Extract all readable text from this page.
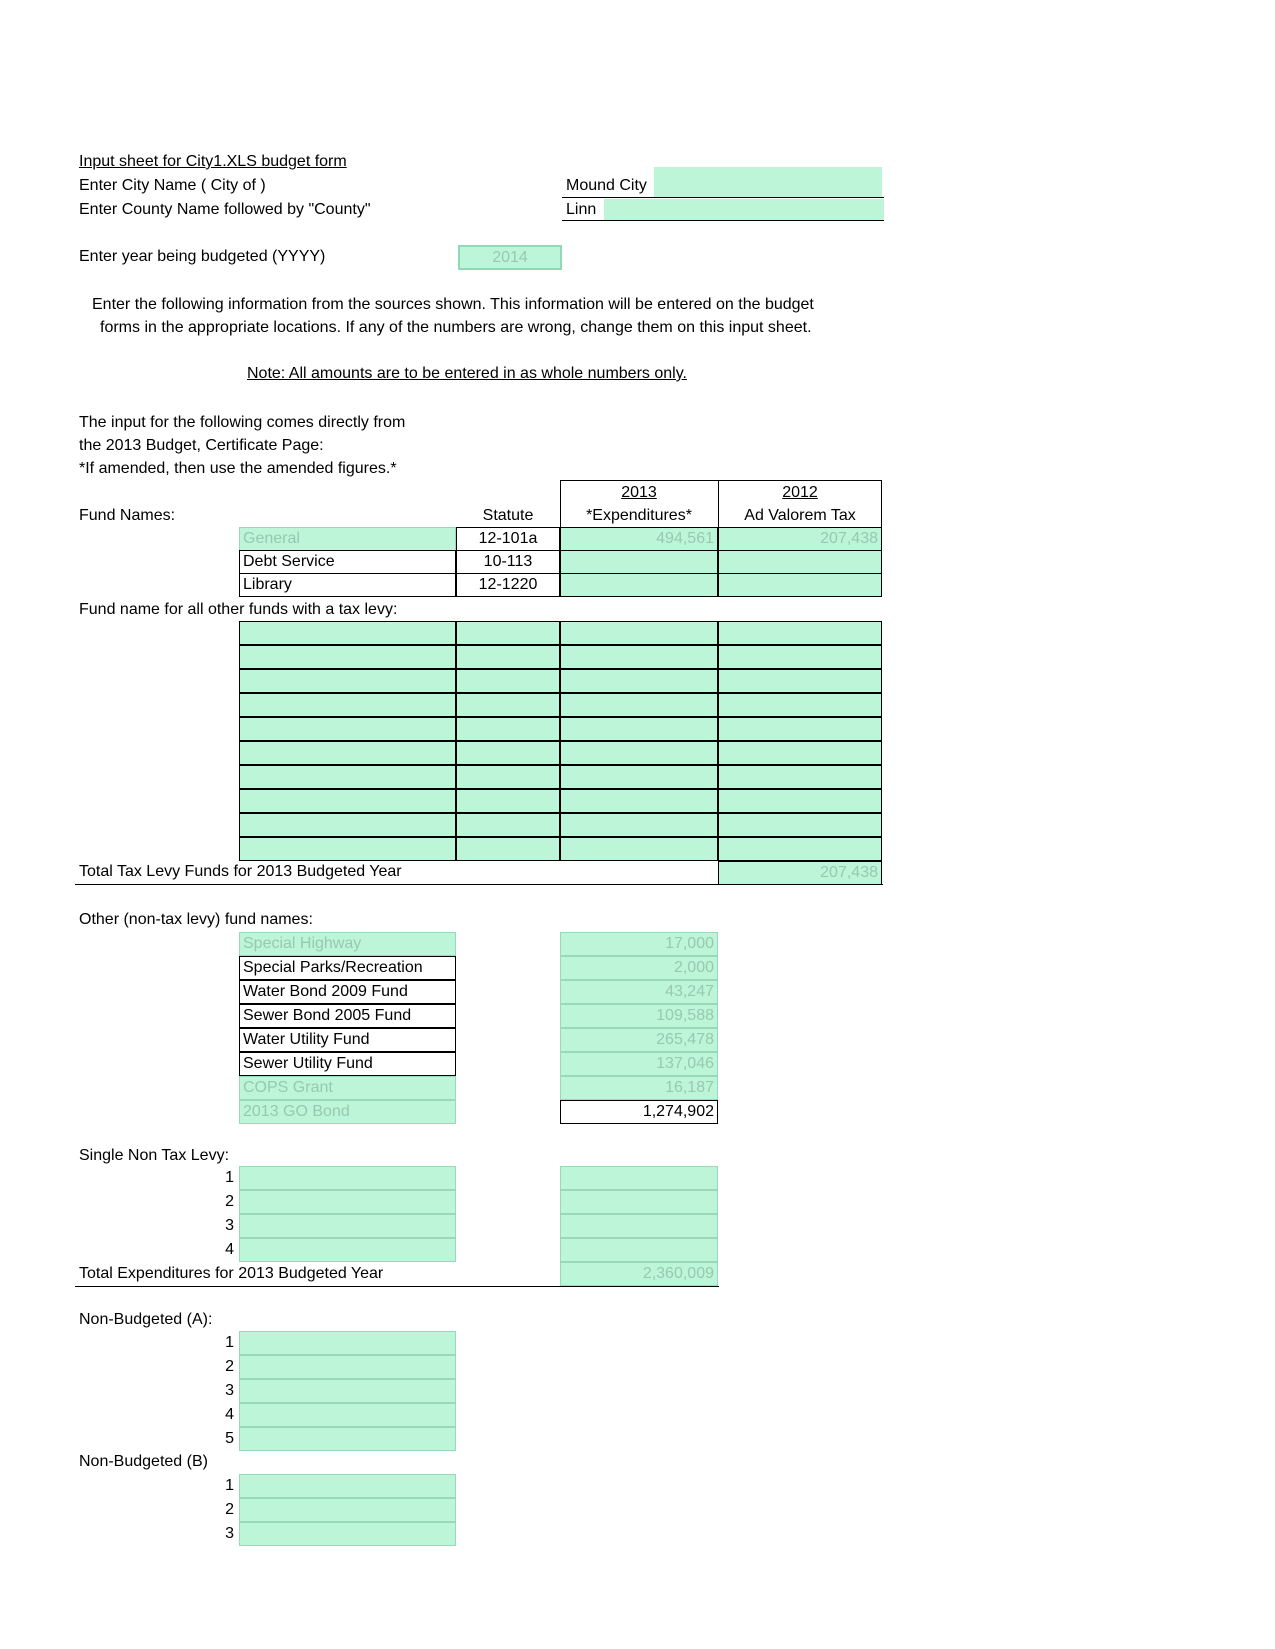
Input sheet for City1.XLS budget form
Enter City Name ( City of )
Enter County Name followed by "County"
Mound City
Linn
Enter year being budgeted (YYYY)	2014
Enter the following information from the sources shown. This information will be entered on the budget
forms in the appropriate locations. If any of the numbers are wrong, change them on this input sheet.
Note: All amounts are to be entered in as whole numbers only.
The input for the following comes directly from
the 2013 Budget, Certificate Page:
*If amended, then use the amended figures.*
2013
*Expenditures*
2012
Ad Valorem Tax
Fund Names:	Statute
General	12-101a	494,561	207,438
Debt Service	10-113
Library	12-1220
Fund name for all other funds with a tax levy:
Total Tax Levy Funds for 2013 Budgeted Year	207,438
Other (non-tax levy) fund names:
Special Highway	17,000
Special Parks/Recreation	2,000
Water Bond 2009 Fund	43,247
Sewer Bond 2005 Fund	109,588
Water Utility Fund	265,478
Sewer Utility Fund	137,046
COPS Grant	16,187
2013 GO Bond	1,274,902
Single Non Tax Levy:
1
2
3
4
Total Expenditures for 2013 Budgeted Year	2,360,009
Non-Budgeted (A):
1
2
3
4
5
Non-Budgeted (B)
1
2
3
